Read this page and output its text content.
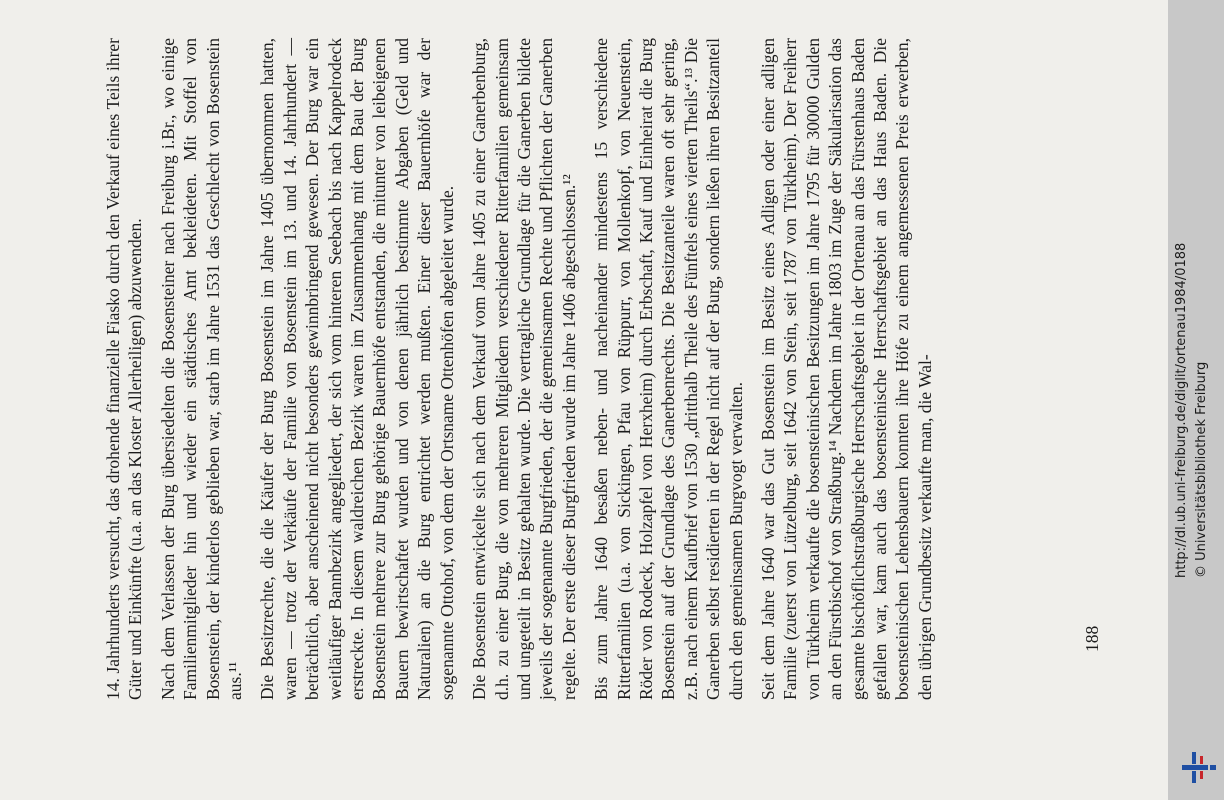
14. Jahrhunderts versucht, das drohende finanzielle Fiasko durch den Verkauf eines Teils ihrer Güter und Einkünfte (u.a. an das Kloster Allerheiligen) abzuwenden. Nach dem Verlassen der Burg übersiedelten die Bosensteiner nach Freiburg i.Br., wo einige Familienmitglieder hin und wieder ein städtisches Amt bekleideten. Mit Stoffel von Bosenstein, der kinderlos geblieben war, starb im Jahre 1531 das Geschlecht von Bosenstein aus.¹¹ Die Besitzrechte, die die Käufer der Burg Bosenstein im Jahre 1405 übernommen hatten, waren — trotz der Verkäufe der Familie von Bosenstein im 13. und 14. Jahrhundert — beträchtlich, aber anscheinend nicht besonders gewinnbringend gewesen. Der Burg war ein weitläufiger Bannbezirk angegliedert, der sich vom hinteren Seebach bis nach Kappelrodeck erstreckte. In diesem waldreichen Bezirk waren im Zusammenhang mit dem Bau der Burg Bosenstein mehrere zur Burg gehörige Bauernhöfe entstanden, die mitunter von leibeigenen Bauern bewirtschaftet wurden und von denen jährlich bestimmte Abgaben (Geld und Naturalien) an die Burg entrichtet werden mußten. Einer dieser Bauernhöfe war der sogenannte Ottohof, von dem der Ortsname Ottenhöfen abgeleitet wurde. Die Bosenstein entwickelte sich nach dem Verkauf vom Jahre 1405 zu einer Ganerbenburg, d.h. zu einer Burg, die von mehreren Mitgliedern verschiedener Ritterfamilien gemeinsam und ungeteilt in Besitz gehalten wurde. Die vertragliche Grundlage für die Ganerben bildete jeweils der sogenannte Burgfrieden, der die gemeinsamen Rechte und Pflichten der Ganerben regelte. Der erste dieser Burgfrieden wurde im Jahre 1406 abgeschlossen.¹² Bis zum Jahre 1640 besaßen neben- und nacheinander mindestens 15 verschiedene Ritterfamilien (u.a. von Sickingen, Pfau von Rüppurr, von Mollenkopf, von Neuenstein, Röder von Rodeck, Holzapfel von Herxheim) durch Erbschaft, Kauf und Einheirat die Burg Bosenstein auf der Grundlage des Ganerbenrechts. Die Besitzanteile waren oft sehr gering, z.B. nach einem Kaufbrief von 1530 „dritthalb Theile des Fünftels eines vierten Theils“.¹³ Die Ganerben selbst residierten in der Regel nicht auf der Burg, sondern ließen ihren Besitzanteil durch den gemeinsamen Burgvogt verwalten. Seit dem Jahre 1640 war das Gut Bosenstein im Besitz eines Adligen oder einer adligen Familie (zuerst von Lützelburg, seit 1642 von Stein, seit 1787 von Türkheim). Der Freiherr von Türkheim verkaufte die bosensteinischen Besitzungen im Jahre 1795 für 30000 Gulden an den Fürstbischof von Straßburg.¹⁴ Nachdem im Jahre 1803 im Zuge der Säkularisation das gesamte bischöflichstraßburgische Herrschaftsgebiet in der Ortenau an das Fürstenhaus Baden gefallen war, kam auch das bosensteinische Herrschaftsgebiet an das Haus Baden. Die bosensteinischen Lehensbauern konnten ihre Höfe zu einem angemessenen Preis erwerben, den übrigen Grundbesitz verkaufte man, die Wal-	188
http://dl.ub.uni-freiburg.de/diglit/ortenau1984/0188 © Universitätsbibliothek Freiburg
